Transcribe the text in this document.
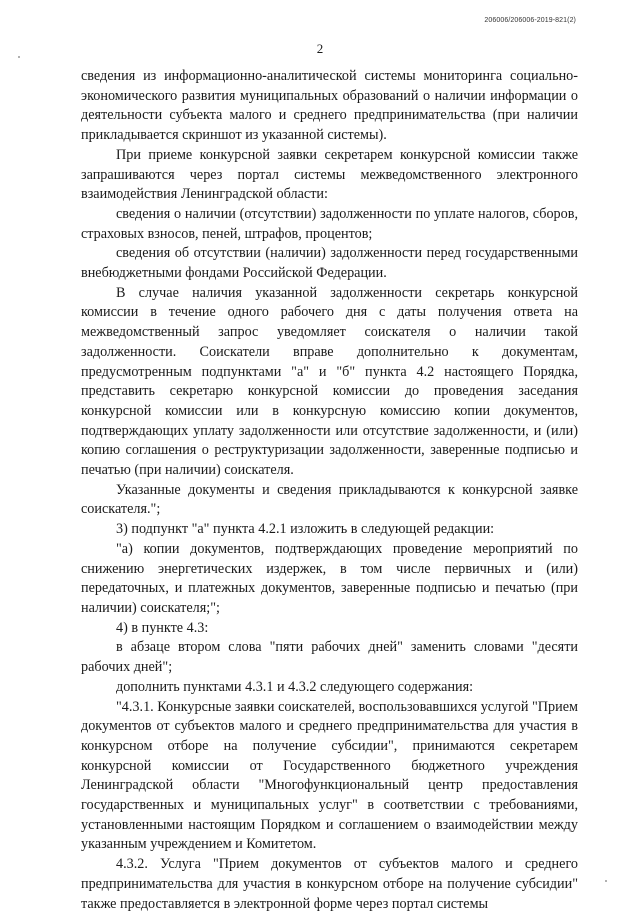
206006/206006-2019-821(2)
2

сведения из информационно-аналитической системы мониторинга социально-экономического развития муниципальных образований о наличии информации о деятельности субъекта малого и среднего предпринимательства (при наличии прикладывается скриншот из указанной системы).

При приеме конкурсной заявки секретарем конкурсной комиссии также запрашиваются через портал системы межведомственного электронного взаимодействия Ленинградской области:

сведения о наличии (отсутствии) задолженности по уплате налогов, сборов, страховых взносов, пеней, штрафов, процентов;

сведения об отсутствии (наличии) задолженности перед государственными внебюджетными фондами Российской Федерации.

В случае наличия указанной задолженности секретарь конкурсной комиссии в течение одного рабочего дня с даты получения ответа на межведомственный запрос уведомляет соискателя о наличии такой задолженности. Соискатели вправе дополнительно к документам, предусмотренным подпунктами "а" и "б" пункта 4.2 настоящего Порядка, представить секретарю конкурсной комиссии до проведения заседания конкурсной комиссии или в конкурсную комиссию копии документов, подтверждающих уплату задолженности или отсутствие задолженности, и (или) копию соглашения о реструктуризации задолженности, заверенные подписью и печатью (при наличии) соискателя.

Указанные документы и сведения прикладываются к конкурсной заявке соискателя.";

3) подпункт "а" пункта 4.2.1 изложить в следующей редакции:

"а) копии документов, подтверждающих проведение мероприятий по снижению энергетических издержек, в том числе первичных и (или) передаточных, и платежных документов, заверенные подписью и печатью (при наличии) соискателя;";

4) в пункте 4.3:

в абзаце втором слова "пяти рабочих дней" заменить словами "десяти рабочих дней";

дополнить пунктами 4.3.1 и 4.3.2 следующего содержания:

"4.3.1. Конкурсные заявки соискателей, воспользовавшихся услугой "Прием документов от субъектов малого и среднего предпринимательства для участия в конкурсном отборе на получение субсидии", принимаются секретарем конкурсной комиссии от Государственного бюджетного учреждения Ленинградской области "Многофункциональный центр предоставления государственных и муниципальных услуг" в соответствии с требованиями, установленными настоящим Порядком и соглашением о взаимодействии между указанным учреждением и Комитетом.

4.3.2. Услуга "Прием документов от субъектов малого и среднего предпринимательства для участия в конкурсном отборе на получение субсидии" также предоставляется в электронной форме через портал системы
